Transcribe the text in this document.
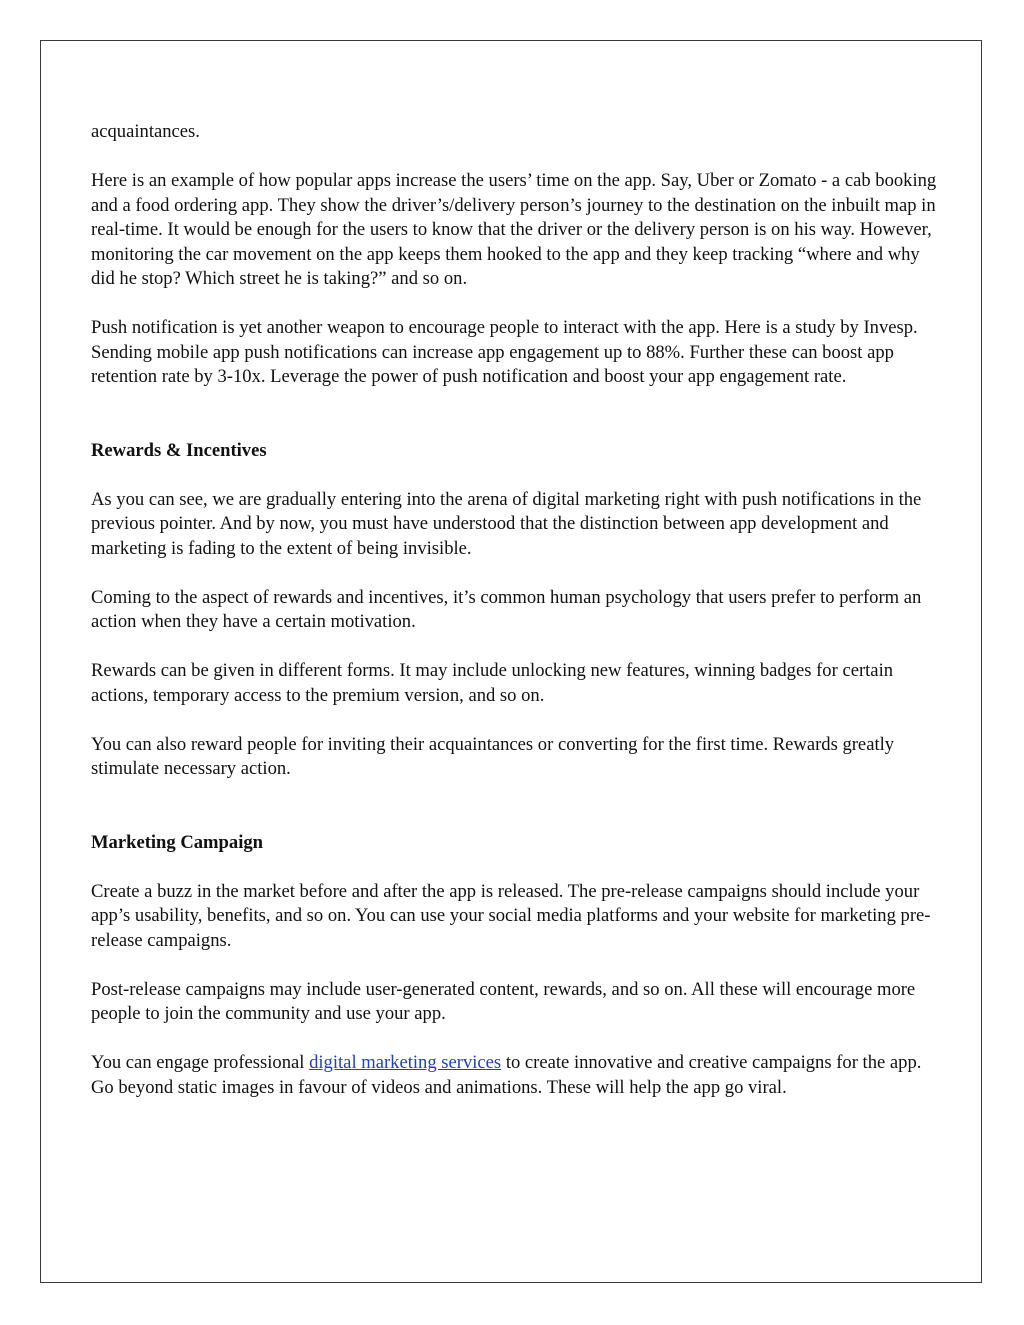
acquaintances.

Here is an example of how popular apps increase the users’ time on the app. Say, Uber or Zomato - a cab booking and a food ordering app. They show the driver’s/delivery person’s journey to the destination on the inbuilt map in real-time. It would be enough for the users to know that the driver or the delivery person is on his way. However, monitoring the car movement on the app keeps them hooked to the app and they keep tracking “where and why did he stop? Which street he is taking?” and so on.

Push notification is yet another weapon to encourage people to interact with the app. Here is a study by Invesp. Sending mobile app push notifications can increase app engagement up to 88%. Further these can boost app retention rate by 3-10x. Leverage the power of push notification and boost your app engagement rate.

Rewards & Incentives

As you can see, we are gradually entering into the arena of digital marketing right with push notifications in the previous pointer. And by now, you must have understood that the distinction between app development and marketing is fading to the extent of being invisible.

Coming to the aspect of rewards and incentives, it’s common human psychology that users prefer to perform an action when they have a certain motivation.

Rewards can be given in different forms. It may include unlocking new features, winning badges for certain actions, temporary access to the premium version, and so on.

You can also reward people for inviting their acquaintances or converting for the first time. Rewards greatly stimulate necessary action.

Marketing Campaign

Create a buzz in the market before and after the app is released. The pre-release campaigns should include your app’s usability, benefits, and so on. You can use your social media platforms and your website for marketing pre-release campaigns.

Post-release campaigns may include user-generated content, rewards, and so on. All these will encourage more people to join the community and use your app.

You can engage professional digital marketing services to create innovative and creative campaigns for the app. Go beyond static images in favour of videos and animations. These will help the app go viral.
